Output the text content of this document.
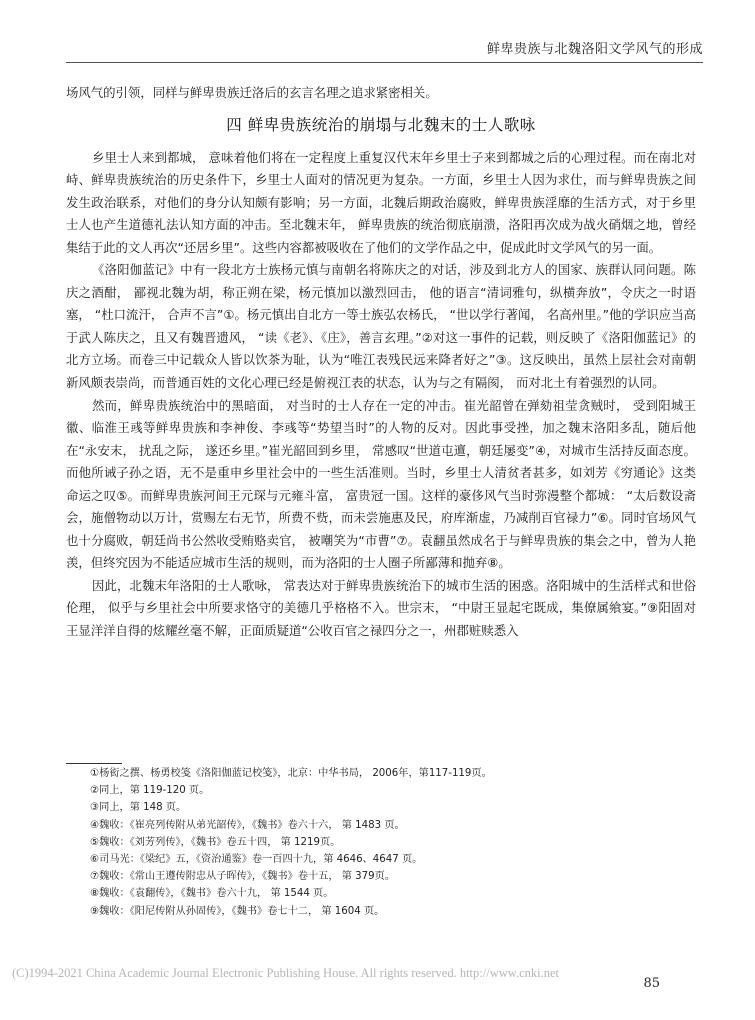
鲜卑贵族与北魏洛阳文学风气的形成

场风气的引领，同样与鲜卑贵族迁洛后的玄言名理之追求紧密相关。

四 鲜卑贵族统治的崩塌与北魏末的士人歌咏

乡里士人来到都城， 意味着他们将在一定程度上重复汉代末年乡里士子来到都城之后的心理过程。而在南北对峙、鲜卑贵族统治的历史条件下，乡里士人面对的情况更为复杂。一方面，乡里士人因为求仕，而与鲜卑贵族之间发生政治联系，对他们的身分认知颇有影响；另一方面，北魏后期政治腐败，鲜卑贵族淫靡的生活方式，对于乡里士人也产生道德礼法认知方面的冲击。至北魏末年， 鲜卑贵族的统治彻底崩溃，洛阳再次成为战火硝烟之地，曾经集结于此的文人再次“还居乡里”。这些内容都被吸收在了他们的文学作品之中，促成此时文学风气的另一面。

《洛阳伽蓝记》中有一段北方士族杨元慎与南朝名将陈庆之的对话，涉及到北方人的国家、族群认同问题。陈庆之酒酣， 鄙视北魏为胡，称正朔在梁，杨元慎加以激烈回击， 他的语言“清词雅句，纵横奔放”，令庆之一时语塞， “杜口流汗， 合声不言”①。杨元慎出自北方一等士族弘农杨氏， “世以学行著闻， 名高州里。”他的学识应当高于武人陈庆之，且又有魏晋遗风， “读《老》、《庄》，善言玄理。”②对这一事件的记载，则反映了《洛阳伽蓝记》的北方立场。而卷三中记载众人皆以饮茶为耻，认为“唯江表残民远来降者好之”③。这反映出，虽然上层社会对南朝新风颇表崇尚，而普通百姓的文化心理已经是俯视江表的状态，认为与之有隔阂， 而对北土有着强烈的认同。

然而，鲜卑贵族统治中的黑暗面， 对当时的士人存在一定的冲击。崔光韶曾在弹劾祖莹贪贼时， 受到阳城王徽、临淮王彧等鲜卑贵族和李神俊、李彧等“势望当时”的人物的反对。因此事受挫，加之魏末洛阳多乱，随后他在“永安末， 扰乱之际， 遂还乡里。”崔光韶回到乡里， 常感叹“世道屯邅，朝廷屡变”④，对城市生活持反面态度。而他所诫子孙之语，无不是重申乡里社会中的一些生活准则。当时，乡里士人清贫者甚多，如刘芳《穷通论》这类命运之叹⑤。而鲜卑贵族河间王元琛与元雍斗富， 富贵冠一国。这样的豪侈风气当时弥漫整个都城： “太后数设斋会，施僧物动以万计，赏赐左右无节，所费不赀，而未尝施惠及民，府库渐虚，乃减削百官禄力”⑥。同时官场风气也十分腐败，朝廷尚书公然收受贿赂卖官， 被嘲笑为“市曹”⑦。袁翻虽然成名于与鲜卑贵族的集会之中，曾为人艳羡，但终究因为不能适应城市生活的规则，而为洛阳的士人圈子所鄙薄和抛弃⑧。

因此，北魏末年洛阳的士人歌咏， 常表达对于鲜卑贵族统治下的城市生活的困惑。洛阳城中的生活样式和世俗伦理， 似乎与乡里社会中所要求恪守的美德几乎格格不入。世宗末， “中尉王显起宅既成，集僚属飨宴。”⑨阳固对王显洋洋自得的炫耀丝毫不解，正面质疑道“公收百官之禄四分之一，州郡赃赎悉入

①杨衒之撰、杨勇校笺《洛阳伽蓝记校笺》，北京：中华书局， 2006年，第117-119页。

②同上，第 119-120 页。

③同上，第 148 页。

④魏收：《崔亮列传附从弟光韶传》，《魏书》卷六十六， 第 1483 页。

⑤魏收：《刘芳列传》，《魏书》卷五十四， 第 1219页。

⑥司马光：《梁纪》五，《资治通鉴》卷一百四十九，第 4646、4647 页。

⑦魏收：《常山王遵传附忠从子晖传》，《魏书》卷十五， 第 379页。

⑧魏收：《袁翻传》，《魏书》卷六十九， 第 1544 页。

⑨魏收：《阳尼传附从孙固传》，《魏书》卷七十二， 第 1604 页。

(C)1994-2021 China Academic Journal Electronic Publishing House. All rights reserved. http://www.cnki.net
85
